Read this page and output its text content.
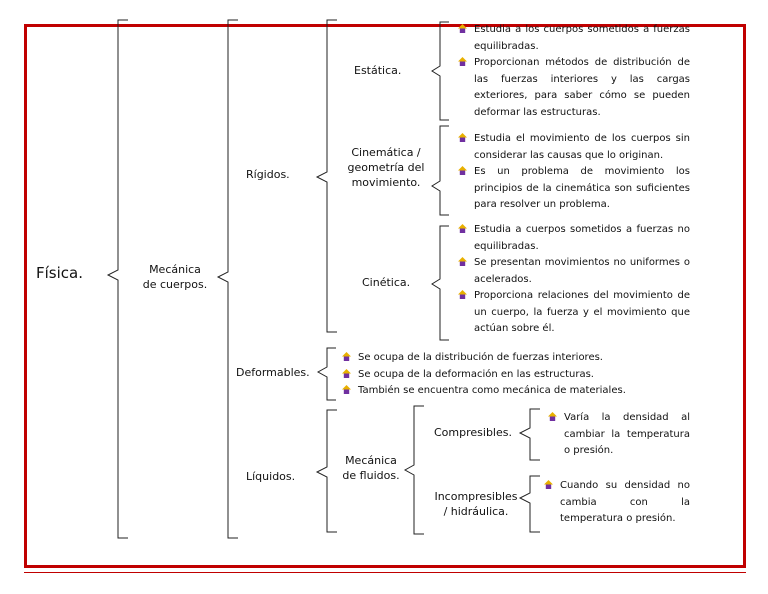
Física.	Mecánica
de cuerpos.
Rígidos.
Deformables.
Líquidos.
Estática.
Cinemática /
geometría del
movimiento.
Cinética.
Mecánica
de fluidos.
Compresibles.
Incompresibles
/ hidráulica.
Estudia a los cuerpos sometidos a fuerzas equilibradas.
Proporcionan métodos de distribución de las fuerzas interiores y las cargas exteriores, para saber cómo se pueden deformar las estructuras.
Estudia el movimiento de los cuerpos sin considerar las causas que lo originan.
Es un problema de movimiento los principios de la cinemática son suficientes para resolver un problema.
Estudia a cuerpos sometidos a fuerzas no equilibradas.
Se presentan movimientos no uniformes o acelerados.
Proporciona relaciones del movimiento de un cuerpo, la fuerza y el movimiento que actúan sobre él.
Se ocupa de la distribución de fuerzas interiores.
Se ocupa de la deformación en las estructuras.
También se encuentra como mecánica de materiales.
Varía la densidad al cambiar la temperatura o presión.
Cuando su densidad no cambia con la temperatura o presión.
